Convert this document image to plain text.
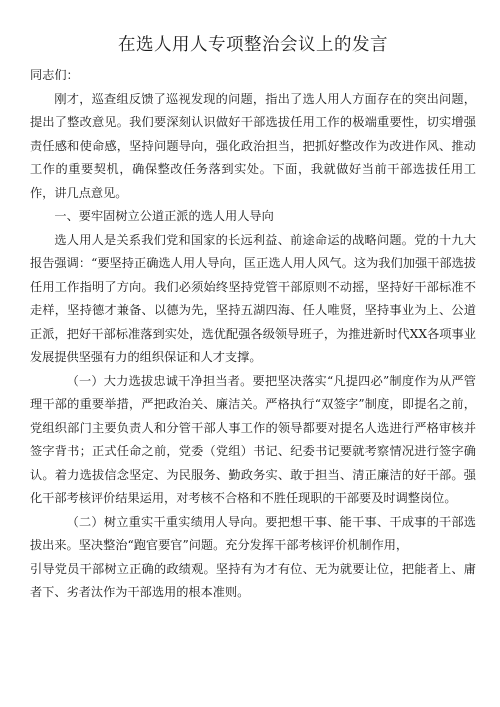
在选人用人专项整治会议上的发言

同志们：

刚才，巡查组反馈了巡视发现的问题，指出了选人用人方面存在的突出问题，提出了整改意见。我们要深刻认识做好干部选拔任用工作的极端重要性，切实增强责任感和使命感，坚持问题导向，强化政治担当，把抓好整改作为改进作风、推动工作的重要契机，确保整改任务落到实处。下面，我就做好当前干部选拔任用工作，讲几点意见。

一、要牢固树立公道正派的选人用人导向

选人用人是关系我们党和国家的长远利益、前途命运的战略问题。党的十九大报告强调：“要坚持正确选人用人导向，匡正选人用人风气。这为我们加强干部选拔任用工作指明了方向。我们必须始终坚持党管干部原则不动摇，坚持好干部标准不走样，坚持德才兼备、以德为先，坚持五湖四海、任人唯贤，坚持事业为上、公道正派，把好干部标准落到实处，选优配强各级领导班子，为推进新时代XX各项事业发展提供坚强有力的组织保证和人才支撑。

（一）大力选拔忠诚干净担当者。要把坚决落实“凡提四必”制度作为从严管理干部的重要举措，严把政治关、廉洁关。严格执行“双签字”制度，即提名之前，党组织部门主要负责人和分管干部人事工作的领导都要对提名人选进行严格审核并签字背书；正式任命之前，党委（党组）书记、纪委书记要就考察情况进行签字确认。着力选拔信念坚定、为民服务、勤政务实、敢于担当、清正廉洁的好干部。强化干部考核评价结果运用，对考核不合格和不胜任现职的干部要及时调整岗位。

（二）树立重实干重实绩用人导向。要把想干事、能干事、干成事的干部选拔出来。坚决整治“跑官要官”问题。充分发挥干部考核评价机制作用，

引导党员干部树立正确的政绩观。坚持有为才有位、无为就要让位，把能者上、庸者下、劣者汰作为干部选用的根本准则。
